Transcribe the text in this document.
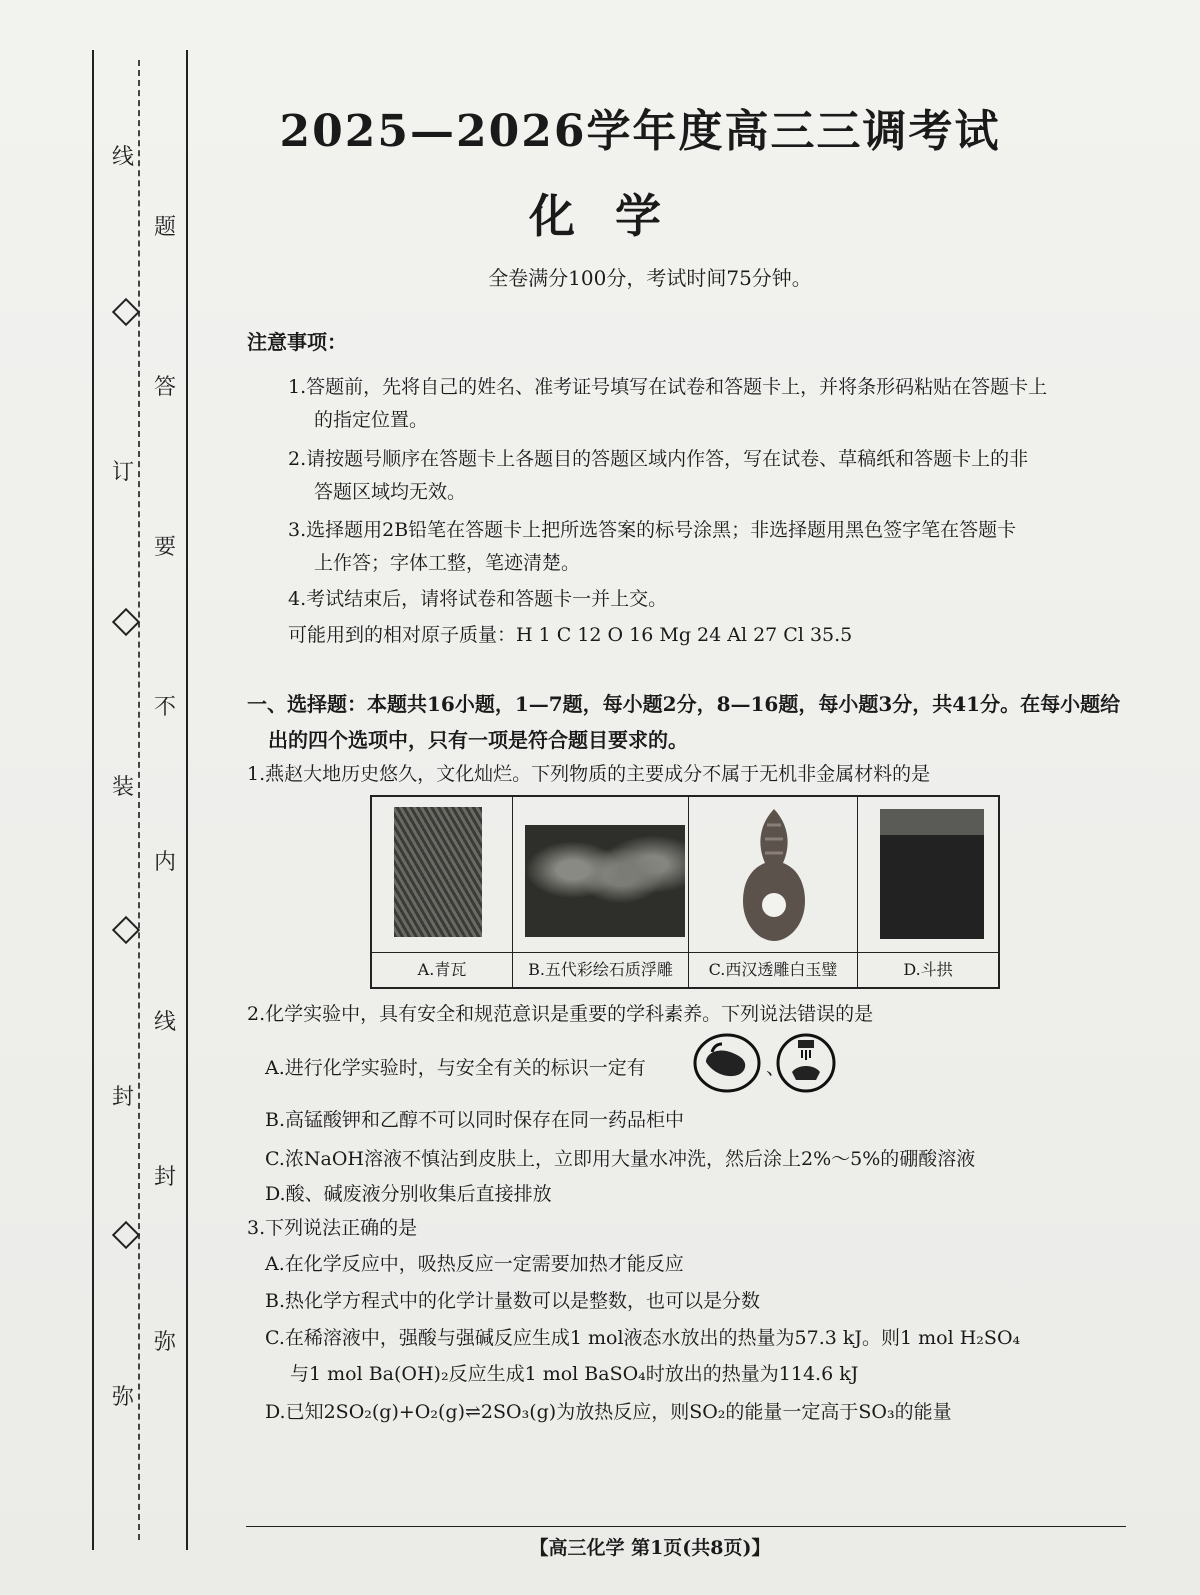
线
订
装
封
弥
题
答
要
不
内
线
封
弥
2025—2026学年度高三三调考试
化学
全卷满分100分，考试时间75分钟。
注意事项：
1.答题前，先将自己的姓名、准考证号填写在试卷和答题卡上，并将条形码粘贴在答题卡上
的指定位置。
2.请按题号顺序在答题卡上各题目的答题区域内作答，写在试卷、草稿纸和答题卡上的非
答题区域均无效。
3.选择题用2B铅笔在答题卡上把所选答案的标号涂黑；非选择题用黑色签字笔在答题卡
上作答；字体工整，笔迹清楚。
4.考试结束后，请将试卷和答题卡一并上交。
可能用到的相对原子质量：H 1 C 12 O 16 Mg 24 Al 27 Cl 35.5
一、选择题：本题共16小题，1—7题，每小题2分，8—16题，每小题3分，共41分。在每小题给
出的四个选项中，只有一项是符合题目要求的。
1.燕赵大地历史悠久，文化灿烂。下列物质的主要成分不属于无机非金属材料的是
A.青瓦	B.五代彩绘石质浮雕	C.西汉透雕白玉璧	D.斗拱
2.化学实验中，具有安全和规范意识是重要的学科素养。下列说法错误的是
A.进行化学实验时，与安全有关的标识一定有	、
B.高锰酸钾和乙醇不可以同时保存在同一药品柜中
C.浓NaOH溶液不慎沾到皮肤上，立即用大量水冲洗，然后涂上2%～5%的硼酸溶液
D.酸、碱废液分别收集后直接排放
3.下列说法正确的是
A.在化学反应中，吸热反应一定需要加热才能反应
B.热化学方程式中的化学计量数可以是整数，也可以是分数
C.在稀溶液中，强酸与强碱反应生成1 mol液态水放出的热量为57.3 kJ。则1 mol H₂SO₄
与1 mol Ba(OH)₂反应生成1 mol BaSO₄时放出的热量为114.6 kJ
D.已知2SO₂(g)+O₂(g)⇌2SO₃(g)为放热反应，则SO₂的能量一定高于SO₃的能量
【高三化学 第1页(共8页)】
